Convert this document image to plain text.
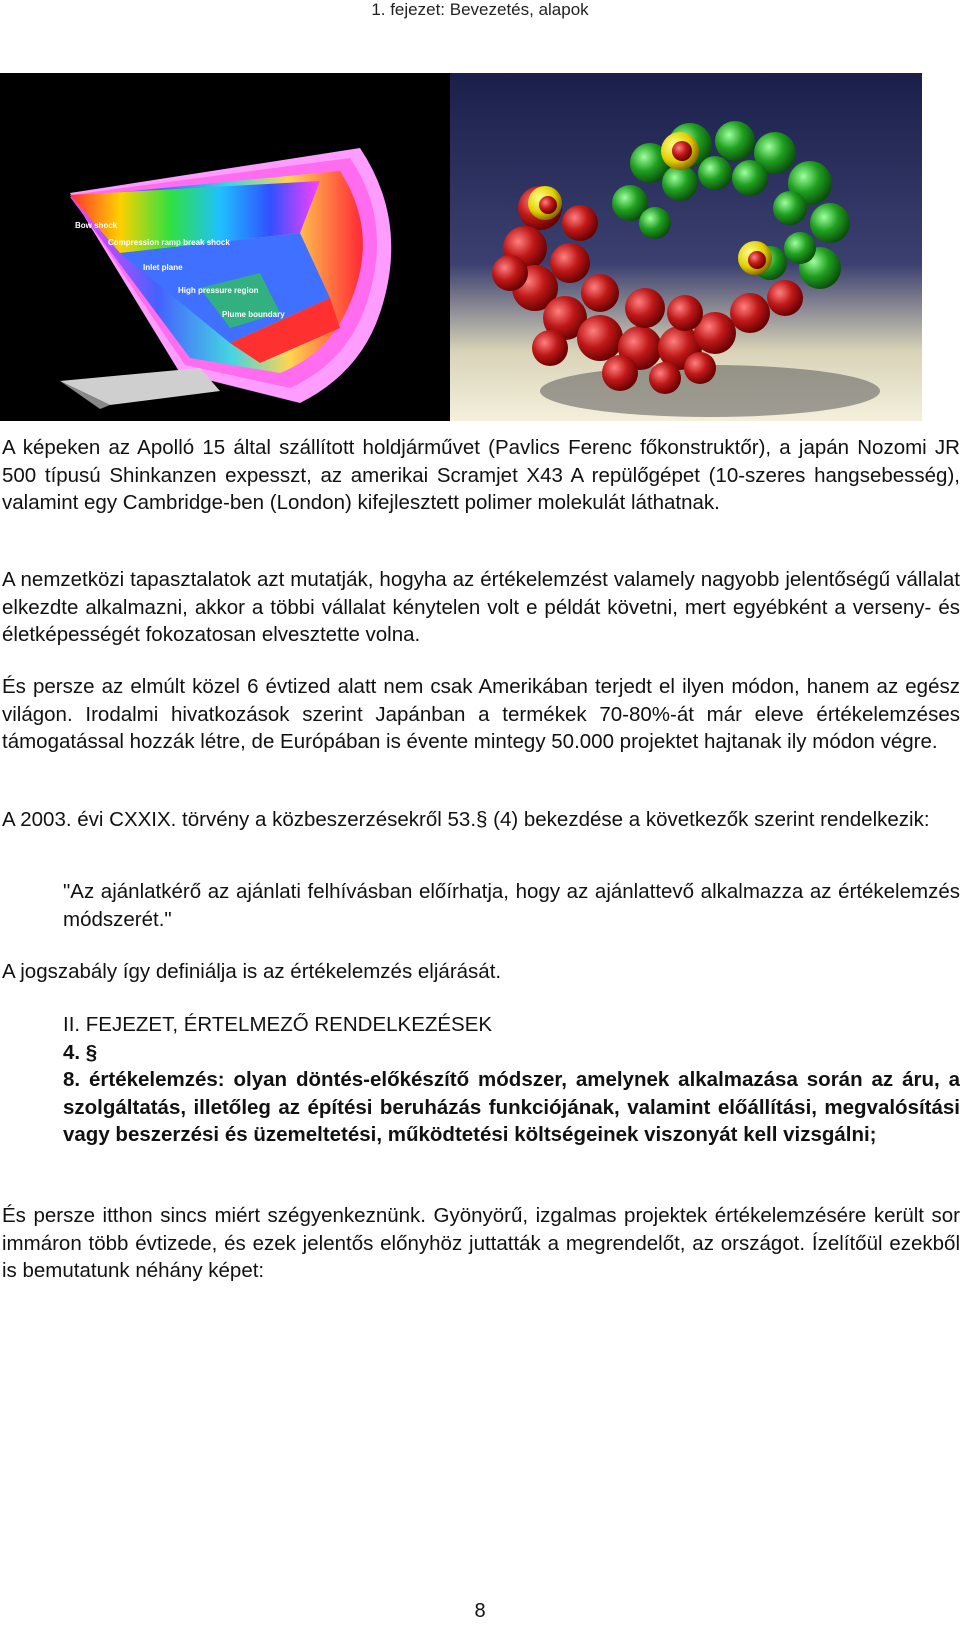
1. fejezet: Bevezetés, alapok
Bow shock
Compression ramp break shock
Inlet plane
High pressure region
Plume boundary

A képeken az Apolló 15 által szállított holdjárművet (Pavlics Ferenc főkonstruktőr), a japán Nozomi JR 500 típusú Shinkanzen expesszt, az amerikai Scramjet X43 A repülőgépet (10-szeres hangsebesség), valamint egy Cambridge-ben (London) kifejlesztett polimer molekulát láthatnak.

A nemzetközi tapasztalatok azt mutatják, hogyha az értékelemzést valamely nagyobb jelentőségű vállalat elkezdte alkalmazni, akkor a többi vállalat kénytelen volt e példát követni, mert egyébként a verseny- és életképességét fokozatosan elvesztette volna.

És persze az elmúlt közel 6 évtized alatt nem csak Amerikában terjedt el ilyen módon, hanem az egész világon. Irodalmi hivatkozások szerint Japánban a termékek 70-80%-át már eleve értékelemzéses támogatással hozzák létre, de Európában is évente mintegy 50.000 projektet hajtanak ily módon végre.

A 2003. évi CXXIX. törvény a közbeszerzésekről 53.§ (4) bekezdése a következők szerint rendelkezik:

"Az ajánlatkérő az ajánlati felhívásban előírhatja, hogy az ajánlattevő alkalmazza az értékelemzés módszerét."

A jogszabály így definiálja is az értékelemzés eljárását.

II. FEJEZET, ÉRTELMEZŐ RENDELKEZÉSEK

4. §

8. értékelemzés: olyan döntés-előkészítő módszer, amelynek alkalmazása során az áru, a szolgáltatás, illetőleg az építési beruházás funkciójának, valamint előállítási, megvalósítási vagy beszerzési és üzemeltetési, működtetési költségeinek viszonyát kell vizsgálni;

És persze itthon sincs miért szégyenkeznünk. Gyönyörű, izgalmas projektek értékelemzésére került sor immáron több évtizede, és ezek jelentős előnyhöz juttatták a megrendelőt, az országot. Ízelítőül ezekből is bemutatunk néhány képet:

8
